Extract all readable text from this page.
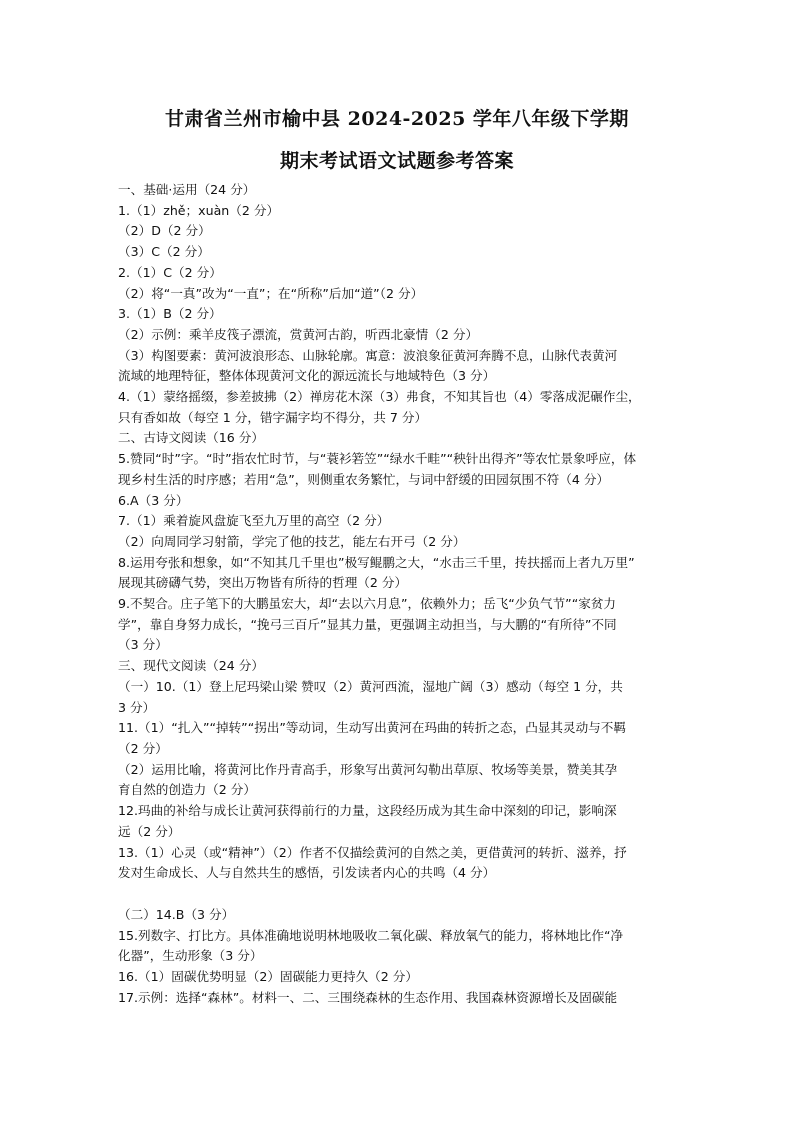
甘肃省兰州市榆中县 2024-2025 学年八年级下学期
期末考试语文试题参考答案
一、基础·运用（24 分）
1.（1）zhě；xuàn（2 分）
（2）D（2 分）
（3）C（2 分）
2.（1）C（2 分）
（2）将“一真”改为“一直”；在“所称”后加“道”（2 分）
3.（1）B（2 分）
（2）示例：乘羊皮筏子漂流，赏黄河古韵，听西北豪情（2 分）
（3）构图要素：黄河波浪形态、山脉轮廓。寓意：波浪象征黄河奔腾不息，山脉代表黄河
流域的地理特征，整体体现黄河文化的源远流长与地域特色（3 分）
4.（1）蒙络摇缀，参差披拂（2）禅房花木深（3）弗食，不知其旨也（4）零落成泥碾作尘，
只有香如故（每空 1 分，错字漏字均不得分，共 7 分）
二、古诗文阅读（16 分）
5.赞同“时”字。“时”指农忙时节，与“蓑衫箬笠”“绿水千畦”“秧针出得齐”等农忙景象呼应，体
现乡村生活的时序感；若用“急”，则侧重农务繁忙，与词中舒缓的田园氛围不符（4 分）
6.A（3 分）
7.（1）乘着旋风盘旋飞至九万里的高空（2 分）
（2）向周同学习射箭，学完了他的技艺，能左右开弓（2 分）
8.运用夸张和想象，如“不知其几千里也”极写鲲鹏之大，“水击三千里，抟扶摇而上者九万里”
展现其磅礴气势，突出万物皆有所待的哲理（2 分）
9.不契合。庄子笔下的大鹏虽宏大，却“去以六月息”，依赖外力；岳飞“少负气节”“家贫力
学”，靠自身努力成长，“挽弓三百斤”显其力量，更强调主动担当，与大鹏的“有所待”不同
（3 分）
三、现代文阅读（24 分）
（一）10.（1）登上尼玛梁山梁 赞叹（2）黄河西流，湿地广阔（3）感动（每空 1 分，共
3 分）
11.（1）“扎入”“掉转”“拐出”等动词，生动写出黄河在玛曲的转折之态，凸显其灵动与不羁
（2 分）
（2）运用比喻，将黄河比作丹青高手，形象写出黄河勾勒出草原、牧场等美景，赞美其孕
育自然的创造力（2 分）
12.玛曲的补给与成长让黄河获得前行的力量，这段经历成为其生命中深刻的印记，影响深
远（2 分）
13.（1）心灵（或“精神”）（2）作者不仅描绘黄河的自然之美，更借黄河的转折、滋养，抒
发对生命成长、人与自然共生的感悟，引发读者内心的共鸣（4 分）
（二）14.B（3 分）
15.列数字、打比方。具体准确地说明林地吸收二氧化碳、释放氧气的能力，将林地比作“净
化器”，生动形象（3 分）
16.（1）固碳优势明显（2）固碳能力更持久（2 分）
17.示例：选择“森林”。材料一、二、三围绕森林的生态作用、我国森林资源增长及固碳能
